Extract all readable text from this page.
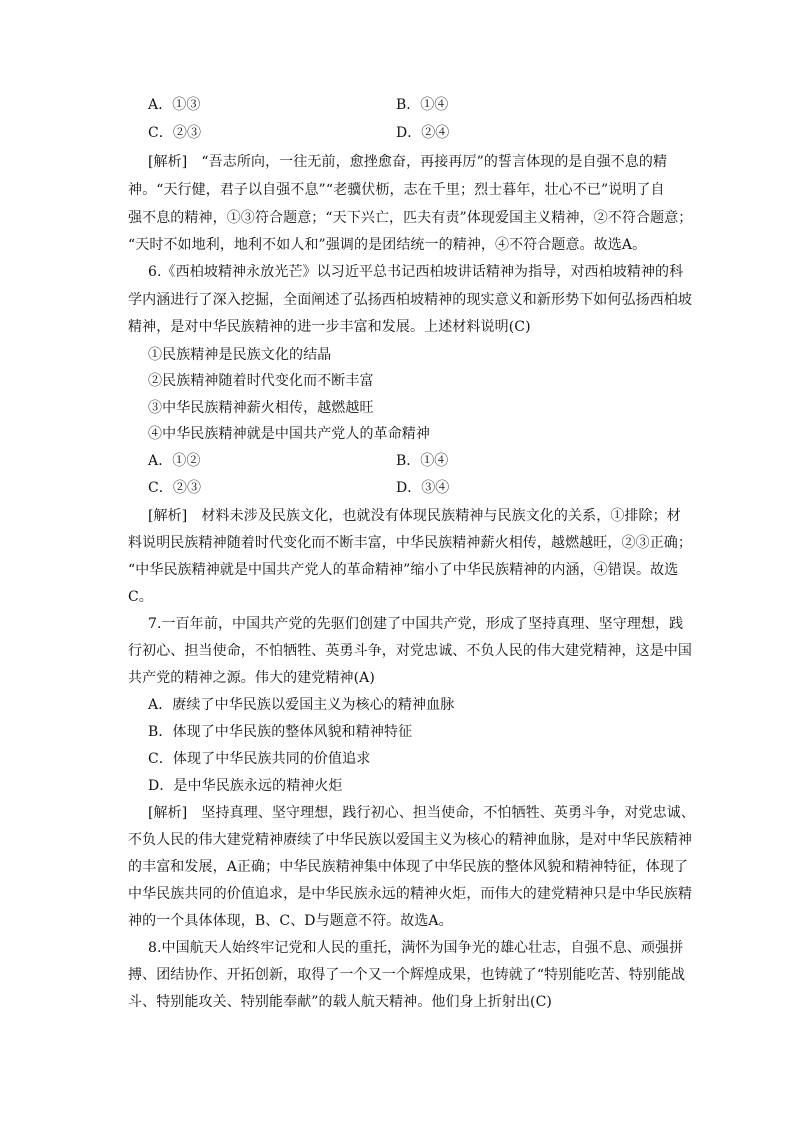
A．①③	B．①④
C．②③	D．②④
[解析]　“吾志所向，一往无前，愈挫愈奋，再接再厉”的誓言体现的是自强不息的精
神。“天行健，君子以自强不息”“老骥伏枥，志在千里；烈士暮年，壮心不已”说明了自
强不息的精神，①③符合题意；“天下兴亡，匹夫有责”体现爱国主义精神，②不符合题意；
“天时不如地利，地利不如人和”强调的是团结统一的精神，④不符合题意。故选A。
6.《西柏坡精神永放光芒》以习近平总书记西柏坡讲话精神为指导，对西柏坡精神的科
学内涵进行了深入挖掘，全面阐述了弘扬西柏坡精神的现实意义和新形势下如何弘扬西柏坡
精神，是对中华民族精神的进一步丰富和发展。上述材料说明(C)
①民族精神是民族文化的结晶
②民族精神随着时代变化而不断丰富
③中华民族精神薪火相传，越燃越旺
④中华民族精神就是中国共产党人的革命精神
A．①②	B．①④
C．②③	D．③④
[解析]　材料未涉及民族文化，也就没有体现民族精神与民族文化的关系，①排除；材
料说明民族精神随着时代变化而不断丰富，中华民族精神薪火相传，越燃越旺，②③正确；
“中华民族精神就是中国共产党人的革命精神”缩小了中华民族精神的内涵，④错误。故选
C。
7.一百年前，中国共产党的先驱们创建了中国共产党，形成了坚持真理、坚守理想，践
行初心、担当使命，不怕牺牲、英勇斗争，对党忠诚、不负人民的伟大建党精神，这是中国
共产党的精神之源。伟大的建党精神(A)
A．赓续了中华民族以爱国主义为核心的精神血脉
B．体现了中华民族的整体风貌和精神特征
C．体现了中华民族共同的价值追求
D．是中华民族永远的精神火炬
[解析]　坚持真理、坚守理想，践行初心、担当使命，不怕牺牲、英勇斗争，对党忠诚、
不负人民的伟大建党精神赓续了中华民族以爱国主义为核心的精神血脉，是对中华民族精神
的丰富和发展，A正确；中华民族精神集中体现了中华民族的整体风貌和精神特征，体现了
中华民族共同的价值追求，是中华民族永远的精神火炬，而伟大的建党精神只是中华民族精
神的一个具体体现，B、C、D与题意不符。故选A。
8.中国航天人始终牢记党和人民的重托，满怀为国争光的雄心壮志，自强不息、顽强拼
搏、团结协作、开拓创新，取得了一个又一个辉煌成果，也铸就了“特别能吃苦、特别能战
斗、特别能攻关、特别能奉献”的载人航天精神。他们身上折射出(C)
